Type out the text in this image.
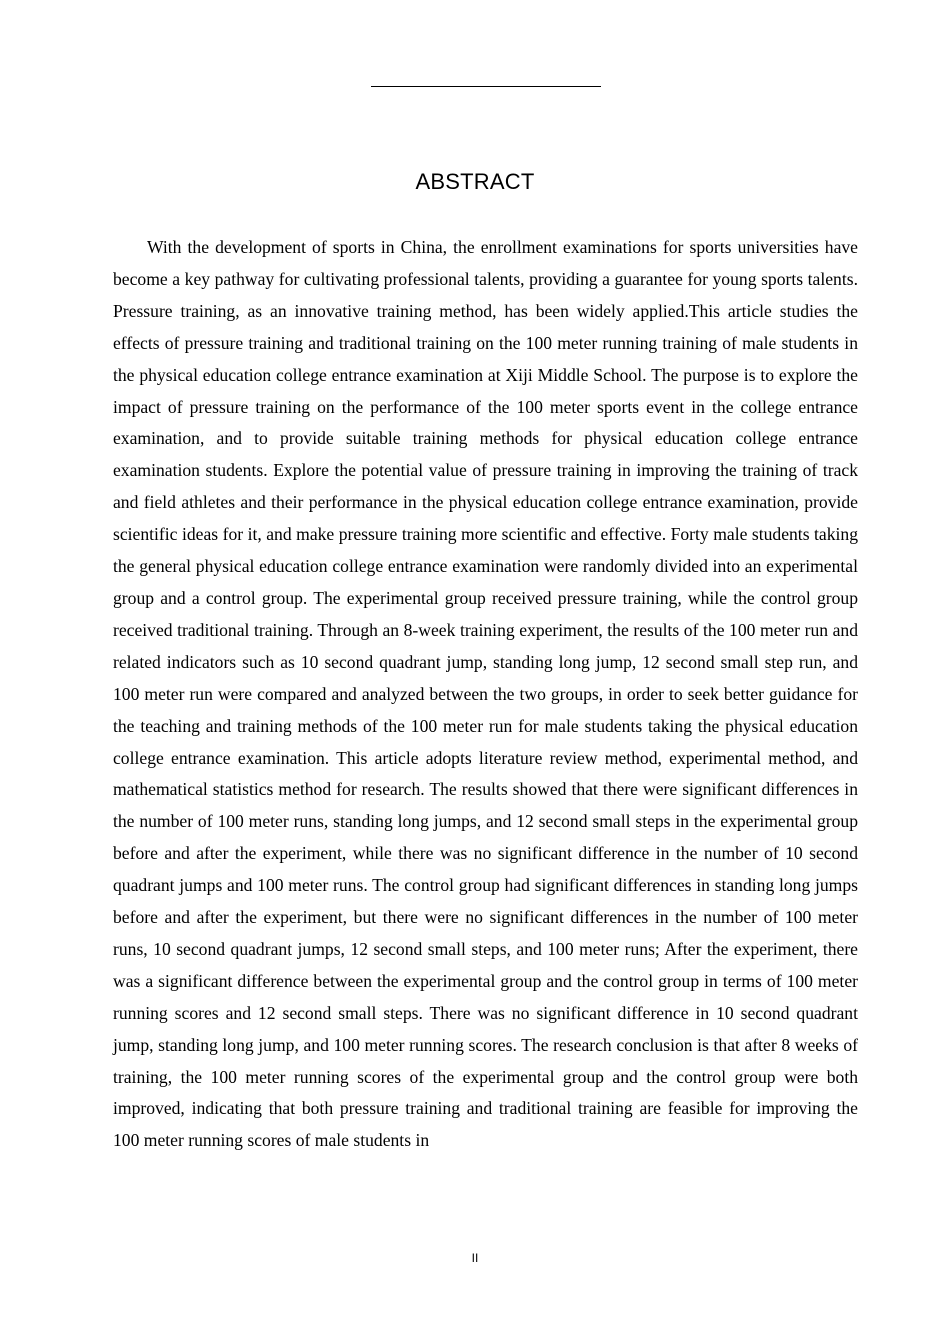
ABSTRACT

With the development of sports in China, the enrollment examinations for sports universities have become a key pathway for cultivating professional talents, providing a guarantee for young sports talents. Pressure training, as an innovative training method, has been widely applied.This article studies the effects of pressure training and traditional training on the 100 meter running training of male students in the physical education college entrance examination at Xiji Middle School. The purpose is to explore the impact of pressure training on the performance of the 100 meter sports event in the college entrance examination, and to provide suitable training methods for physical education college entrance examination students. Explore the potential value of pressure training in improving the training of track and field athletes and their performance in the physical education college entrance examination, provide scientific ideas for it, and make pressure training more scientific and effective. Forty male students taking the general physical education college entrance examination were randomly divided into an experimental group and a control group. The experimental group received pressure training, while the control group received traditional training. Through an 8-week training experiment, the results of the 100 meter run and related indicators such as 10 second quadrant jump, standing long jump, 12 second small step run, and 100 meter run were compared and analyzed between the two groups, in order to seek better guidance for the teaching and training methods of the 100 meter run for male students taking the physical education college entrance examination. This article adopts literature review method, experimental method, and mathematical statistics method for research. The results showed that there were significant differences in the number of 100 meter runs, standing long jumps, and 12 second small steps in the experimental group before and after the experiment, while there was no significant difference in the number of 10 second quadrant jumps and 100 meter runs. The control group had significant differences in standing long jumps before and after the experiment, but there were no significant differences in the number of 100 meter runs, 10 second quadrant jumps, 12 second small steps, and 100 meter runs; After the experiment, there was a significant difference between the experimental group and the control group in terms of 100 meter running scores and 12 second small steps. There was no significant difference in 10 second quadrant jump, standing long jump, and 100 meter running scores. The research conclusion is that after 8 weeks of training, the 100 meter running scores of the experimental group and the control group were both improved, indicating that both pressure training and traditional training are feasible for improving the 100 meter running scores of male students in

II
